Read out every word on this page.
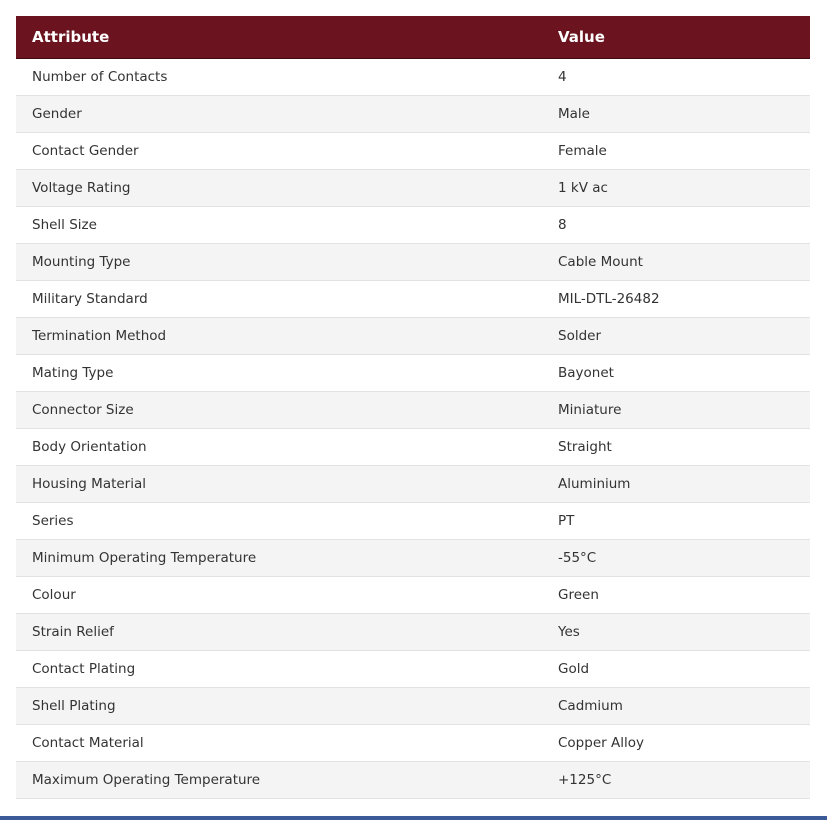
Attribute	Value
Number of Contacts	4
Gender	Male
Contact Gender	Female
Voltage Rating	1 kV ac
Shell Size	8
Mounting Type	Cable Mount
Military Standard	MIL-DTL-26482
Termination Method	Solder
Mating Type	Bayonet
Connector Size	Miniature
Body Orientation	Straight
Housing Material	Aluminium
Series	PT
Minimum Operating Temperature	-55°C
Colour	Green
Strain Relief	Yes
Contact Plating	Gold
Shell Plating	Cadmium
Contact Material	Copper Alloy
Maximum Operating Temperature	+125°C
